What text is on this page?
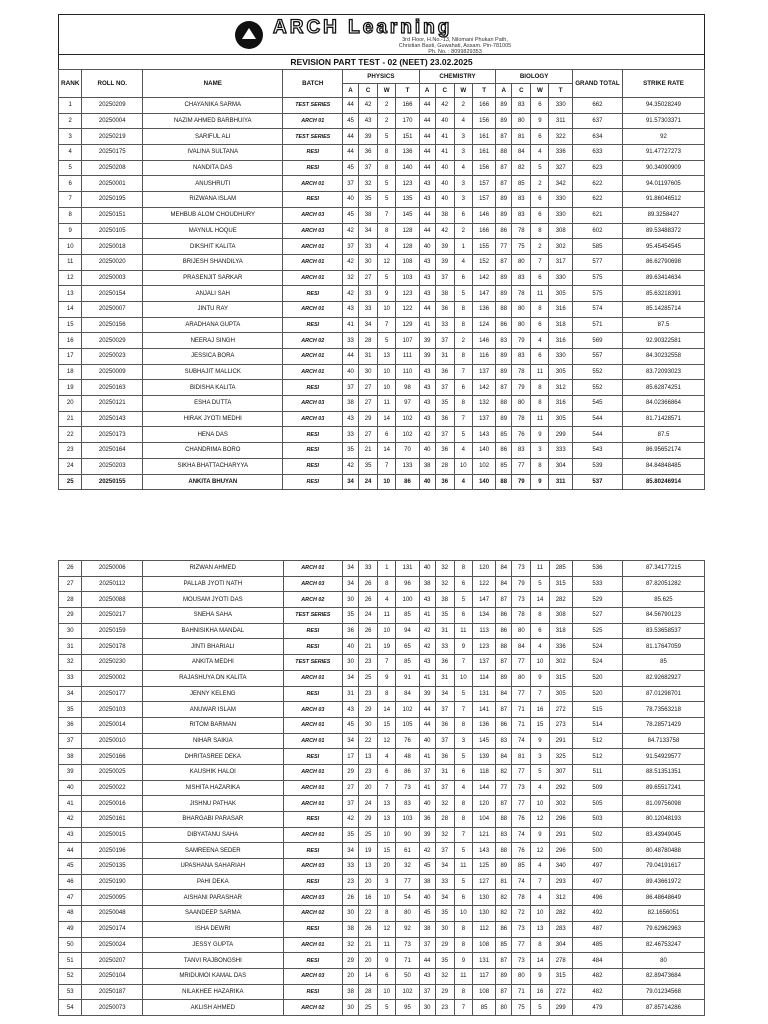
ARCH Learning
3rd Floor, H.No.-13, Nilomani Phukan Path,
Christian Basti, Guwahati, Assam. Pin-781005
Ph. No. : 8099829353
REVISION PART TEST - 02 (NEET) 23.02.2025
RANK	ROLL NO.	NAME	BATCH	PHYSICS				CHEMISTRY				BIOLOGY				GRAND TOTAL	STRIKE RATE
				A	C	W	T	A	C	W	T	A	C	W	T		
1	20250209	CHAYANIKA SARMA	TEST SERIES	44	42	2	166	44	42	2	166	89	83	6	330	662	94.35028249
2	20250004	NAZIM AHMED BARBHUIYA	ARCH 01	45	43	2	170	44	40	4	156	89	80	9	311	637	91.57303371
3	20250219	SARIFUL ALI	TEST SERIES	44	39	5	151	44	41	3	161	87	81	6	322	634	92
4	20250175	IVALINA SULTANA	RESI	44	36	8	136	44	41	3	161	88	84	4	336	633	91.47727273
5	20250208	NANDITA DAS	RESI	45	37	8	140	44	40	4	156	87	82	5	327	623	90.34090909
6	20250001	ANUSHRUTI	ARCH 01	37	32	5	123	43	40	3	157	87	85	2	342	622	94.01197605
7	20250195	RIZWANA ISLAM	RESI	40	35	5	135	43	40	3	157	89	83	6	330	622	91.86046512
8	20250151	MEHBUB ALOM CHOUDHURY	ARCH 03	45	38	7	145	44	38	6	146	89	83	6	330	621	89.3258427
9	20250105	MAYNUL HOQUE	ARCH 03	42	34	8	128	44	42	2	166	86	78	8	308	602	89.53488372
10	20250018	DIKSHIT KALITA	ARCH 01	37	33	4	128	40	39	1	155	77	75	2	302	585	95.45454545
11	20250020	BRIJESH SHANDILYA	ARCH 01	42	30	12	108	43	39	4	152	87	80	7	317	577	86.62790698
12	20250003	PRASENJIT SARKAR	ARCH 01	32	27	5	103	43	37	6	142	89	83	6	330	575	89.63414634
13	20250154	ANJALI SAH	RESI	42	33	9	123	43	38	5	147	89	78	11	305	575	85.63218391
14	20250007	JINTU RAY	ARCH 01	43	33	10	122	44	36	8	136	88	80	8	316	574	85.14285714
15	20250156	ARADHANA GUPTA	RESI	41	34	7	129	41	33	8	124	86	80	6	318	571	87.5
16	20250029	NEERAJ SINGH	ARCH 02	33	28	5	107	39	37	2	146	83	79	4	316	569	92.90322581
17	20250023	JESSICA BORA	ARCH 01	44	31	13	111	39	31	8	116	89	83	6	330	557	84.30232558
18	20250009	SUBHAJIT MALLICK	ARCH 01	40	30	10	110	43	36	7	137	89	78	11	305	552	83.72093023
19	20250163	BIDISHA KALITA	RESI	37	27	10	98	43	37	6	142	87	79	8	312	552	85.62874251
20	20250121	ESHA DUTTA	ARCH 03	38	27	11	97	43	35	8	132	88	80	8	316	545	84.02366864
21	20250143	HIRAK JYOTI MEDHI	ARCH 03	43	29	14	102	43	36	7	137	89	78	11	305	544	81.71428571
22	20250173	HENA DAS	RESI	33	27	6	102	42	37	5	143	85	76	9	299	544	87.5
23	20250164	CHANDRIMA BORO	RESI	35	21	14	70	40	36	4	140	86	83	3	333	543	86.95652174
24	20250203	SIKHA BHATTACHARYYA	RESI	42	35	7	133	38	28	10	102	85	77	8	304	539	84.84848485
25	20250155	ANKITA BHUYAN	RESI	34	24	10	86	40	36	4	140	88	79	9	311	537	85.80246914
26	20250006	RIZWAN AHMED	ARCH 01	34	33	1	131	40	32	8	120	84	73	11	285	536	87.34177215
27	20250112	PALLAB JYOTI NATH	ARCH 03	34	26	8	96	38	32	6	122	84	79	5	315	533	87.82051282
28	20250088	MOUSAM JYOTI DAS	ARCH 02	30	26	4	100	43	38	5	147	87	73	14	282	529	85.625
29	20250217	SNEHA SAHA	TEST SERIES	35	24	11	85	41	35	6	134	86	78	8	308	527	84.56790123
30	20250159	BAHNISIKHA MANDAL	RESI	36	26	10	94	42	31	11	113	86	80	6	318	525	83.53658537
31	20250178	JINTI BHARIALI	RESI	40	21	19	65	42	33	9	123	88	84	4	336	524	81.17647059
32	20250230	ANKITA MEDHI	TEST SERIES	30	23	7	85	43	36	7	137	87	77	10	302	524	85
33	20250002	RAJASHUYA DN KALITA	ARCH 01	34	25	9	91	41	31	10	114	89	80	9	315	520	82.92682927
34	20250177	JENNY KELENG	RESI	31	23	8	84	39	34	5	131	84	77	7	305	520	87.01298701
35	20250103	ANUWAR ISLAM	ARCH 03	43	29	14	102	44	37	7	141	87	71	16	272	515	78.73563218
36	20250014	RITOM BARMAN	ARCH 01	45	30	15	105	44	36	8	136	86	71	15	273	514	78.28571429
37	20250010	NIHAR SAIKIA	ARCH 01	34	22	12	76	40	37	3	145	83	74	9	291	512	84.7133758
38	20250166	DHRITASREE DEKA	RESI	17	13	4	48	41	36	5	139	84	81	3	325	512	91.54929577
39	20250025	KAUSHIK HALOI	ARCH 01	29	23	6	86	37	31	6	118	82	77	5	307	511	88.51351351
40	20250022	NISHITA HAZARIKA	ARCH 01	27	20	7	73	41	37	4	144	77	73	4	292	509	89.65517241
41	20250016	JISHNU PATHAK	ARCH 01	37	24	13	83	40	32	8	120	87	77	10	302	505	81.09756098
42	20250161	BHARGABI PARASAR	RESI	42	29	13	103	36	28	8	104	88	76	12	296	503	80.12048193
43	20250015	DIBYATANU SAHA	ARCH 01	35	25	10	90	39	32	7	121	83	74	9	291	502	83.43949045
44	20250196	SAMREENA SEDER	RESI	34	19	15	61	42	37	5	143	88	76	12	296	500	80.48780488
45	20250135	UPASHANA SAHARIAH	ARCH 03	33	13	20	32	45	34	11	125	89	85	4	340	497	79.04191617
46	20250190	PAHI DEKA	RESI	23	20	3	77	38	33	5	127	81	74	7	293	497	89.43661972
47	20250095	AISHANI PARASHAR	ARCH 03	26	16	10	54	40	34	6	130	82	78	4	312	496	86.48648649
48	20250048	SAANDEEP SARMA	ARCH 02	30	22	8	80	45	35	10	130	82	72	10	282	492	82.1656051
49	20250174	ISHA DEWRI	RESI	38	26	12	92	38	30	8	112	86	73	13	283	487	79.62962963
50	20250024	JESSY GUPTA	ARCH 01	32	21	11	73	37	29	8	108	85	77	8	304	485	82.46753247
51	20250207	TANVI RAJBONGSHI	RESI	29	20	9	71	44	35	9	131	87	73	14	278	484	80
52	20250104	MRIDUMOI KAMAL DAS	ARCH 03	20	14	6	50	43	32	11	117	89	80	9	315	482	82.89473684
53	20250187	NILAKHEE HAZARIKA	RESI	38	28	10	102	37	29	8	108	87	71	16	272	482	79.01234568
54	20250073	AKLISH AHMED	ARCH 02	30	25	5	95	30	23	7	85	80	75	5	299	479	87.85714286
